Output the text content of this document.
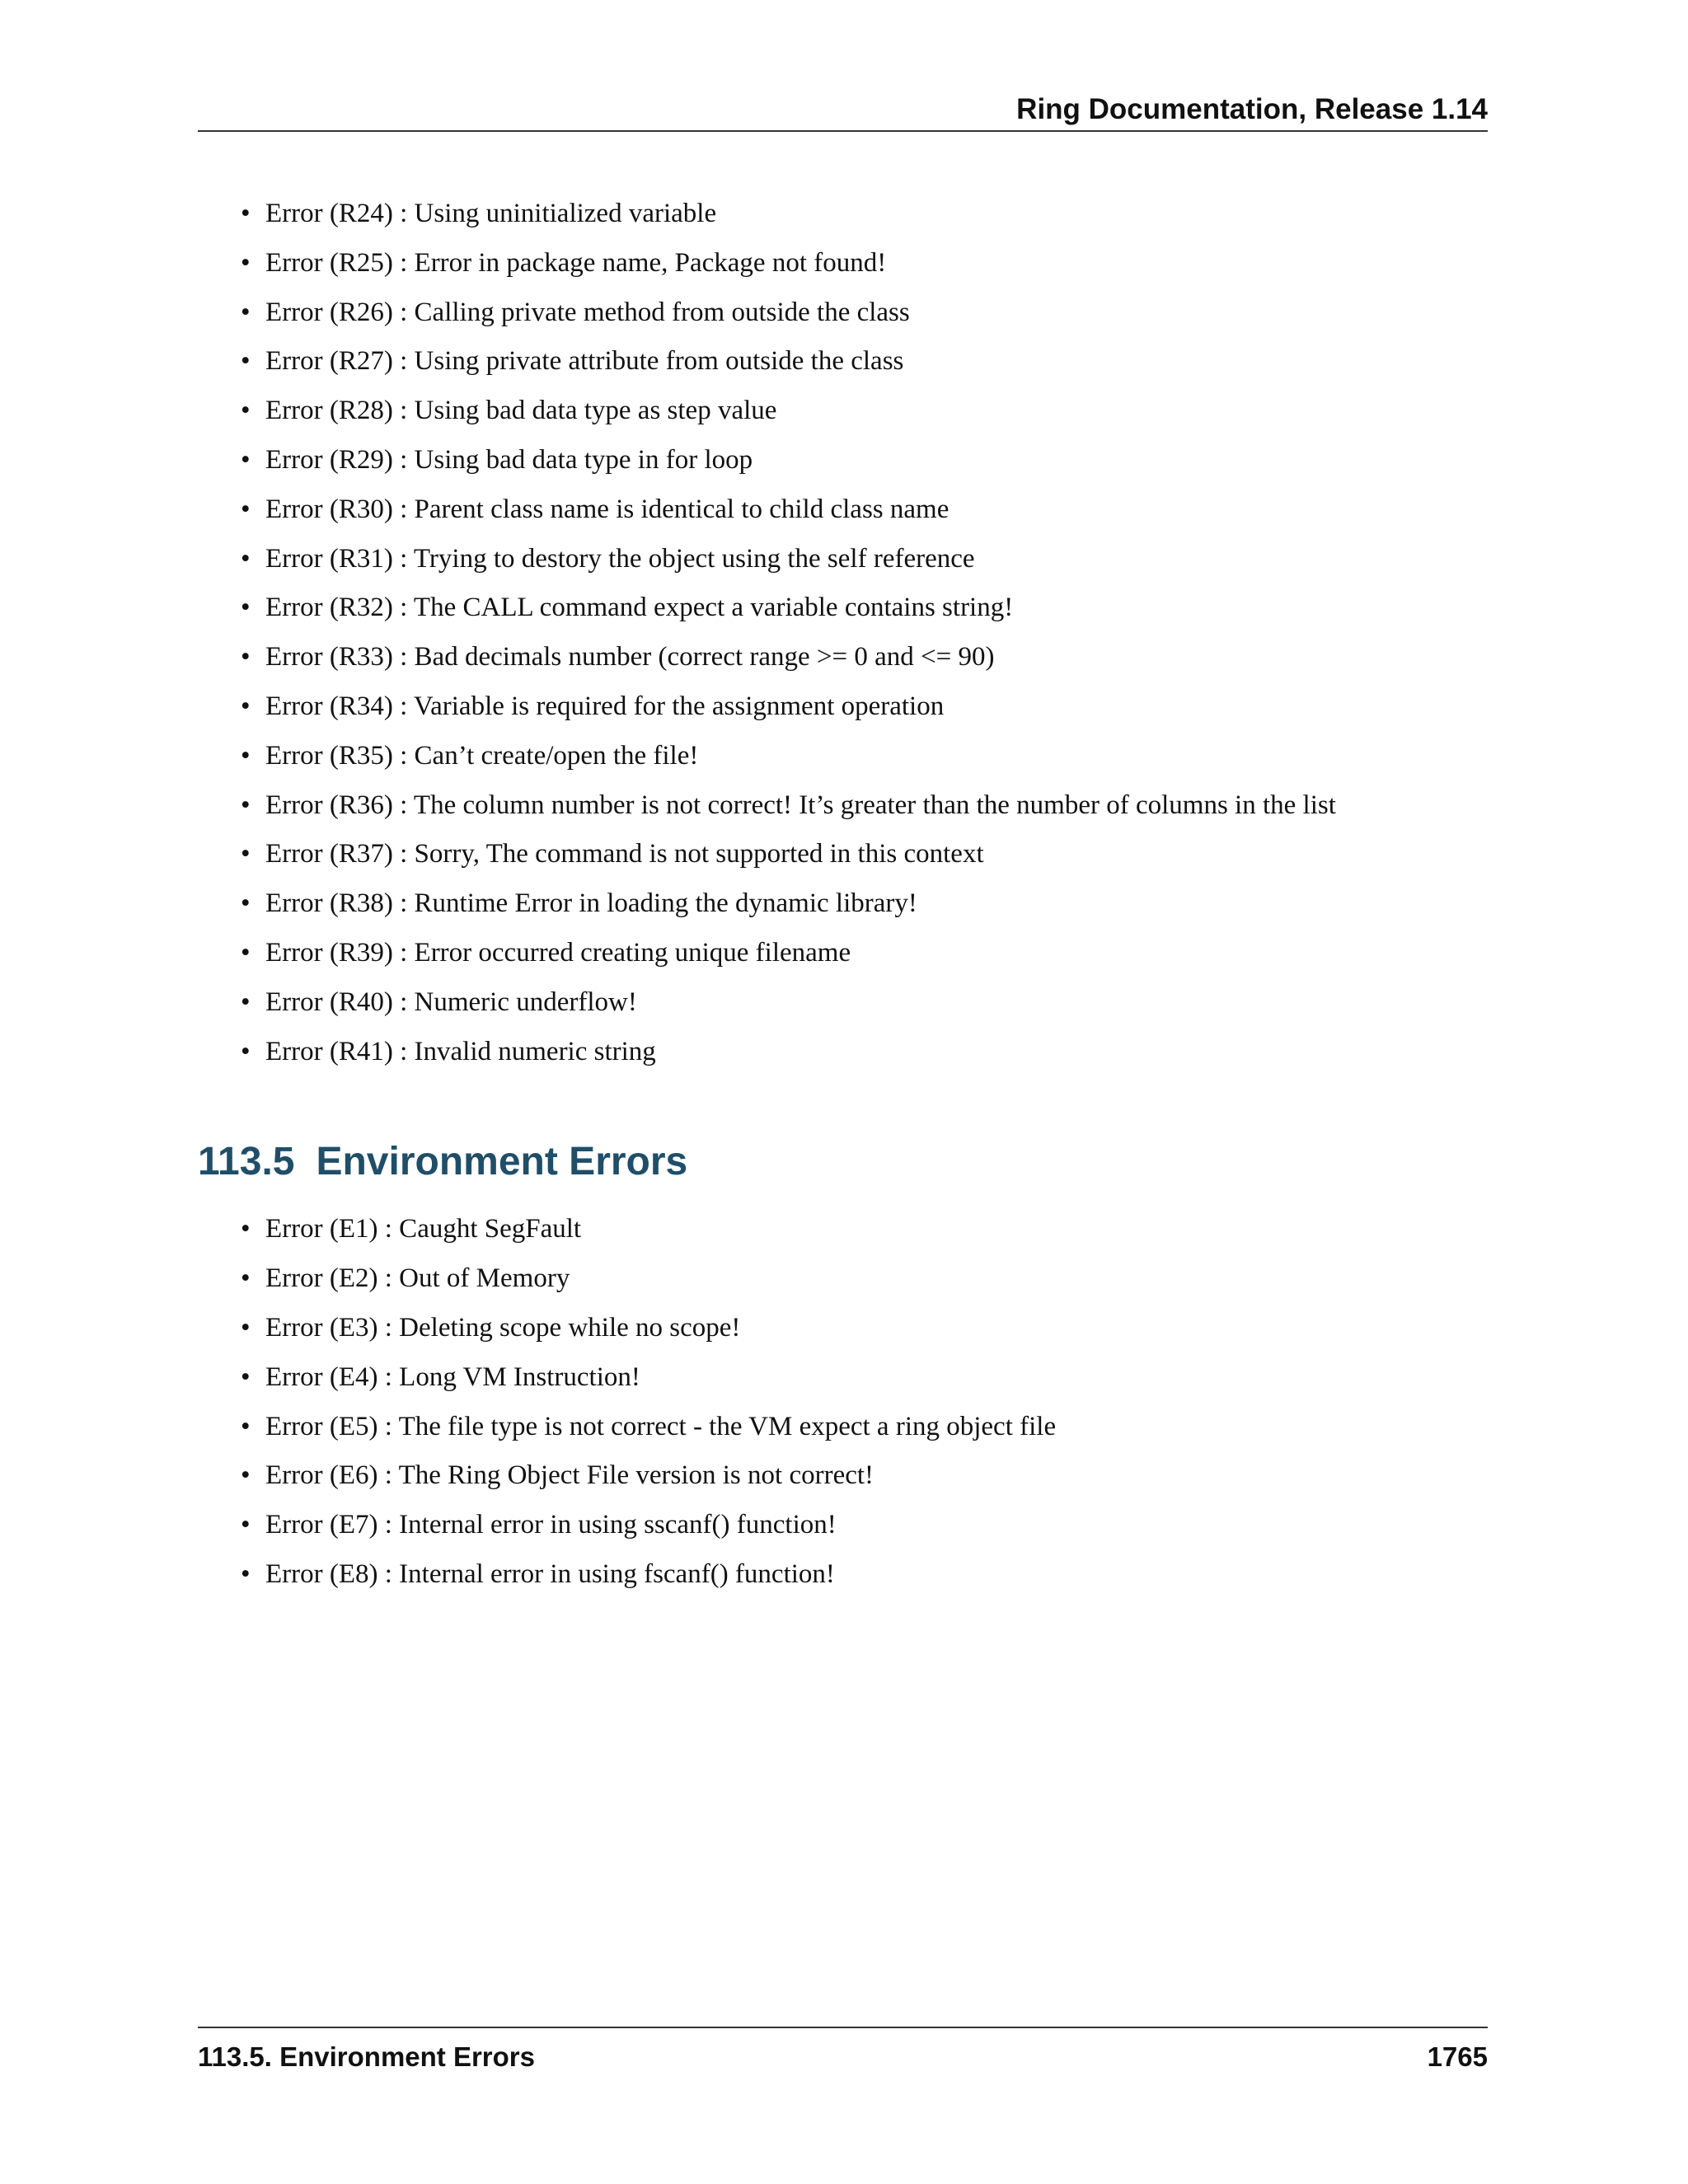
Ring Documentation, Release 1.14
• Error (R24) : Using uninitialized variable
• Error (R25) : Error in package name, Package not found!
• Error (R26) : Calling private method from outside the class
• Error (R27) : Using private attribute from outside the class
• Error (R28) : Using bad data type as step value
• Error (R29) : Using bad data type in for loop
• Error (R30) : Parent class name is identical to child class name
• Error (R31) : Trying to destory the object using the self reference
• Error (R32) : The CALL command expect a variable contains string!
• Error (R33) : Bad decimals number (correct range >= 0 and <= 90)
• Error (R34) : Variable is required for the assignment operation
• Error (R35) : Can’t create/open the file!
• Error (R36) : The column number is not correct! It’s greater than the number of columns in the list
• Error (R37) : Sorry, The command is not supported in this context
• Error (R38) : Runtime Error in loading the dynamic library!
• Error (R39) : Error occurred creating unique filename
• Error (R40) : Numeric underflow!
• Error (R41) : Invalid numeric string
113.5 Environment Errors
• Error (E1) : Caught SegFault
• Error (E2) : Out of Memory
• Error (E3) : Deleting scope while no scope!
• Error (E4) : Long VM Instruction!
• Error (E5) : The file type is not correct - the VM expect a ring object file
• Error (E6) : The Ring Object File version is not correct!
• Error (E7) : Internal error in using sscanf() function!
• Error (E8) : Internal error in using fscanf() function!
113.5. Environment Errors	1765
